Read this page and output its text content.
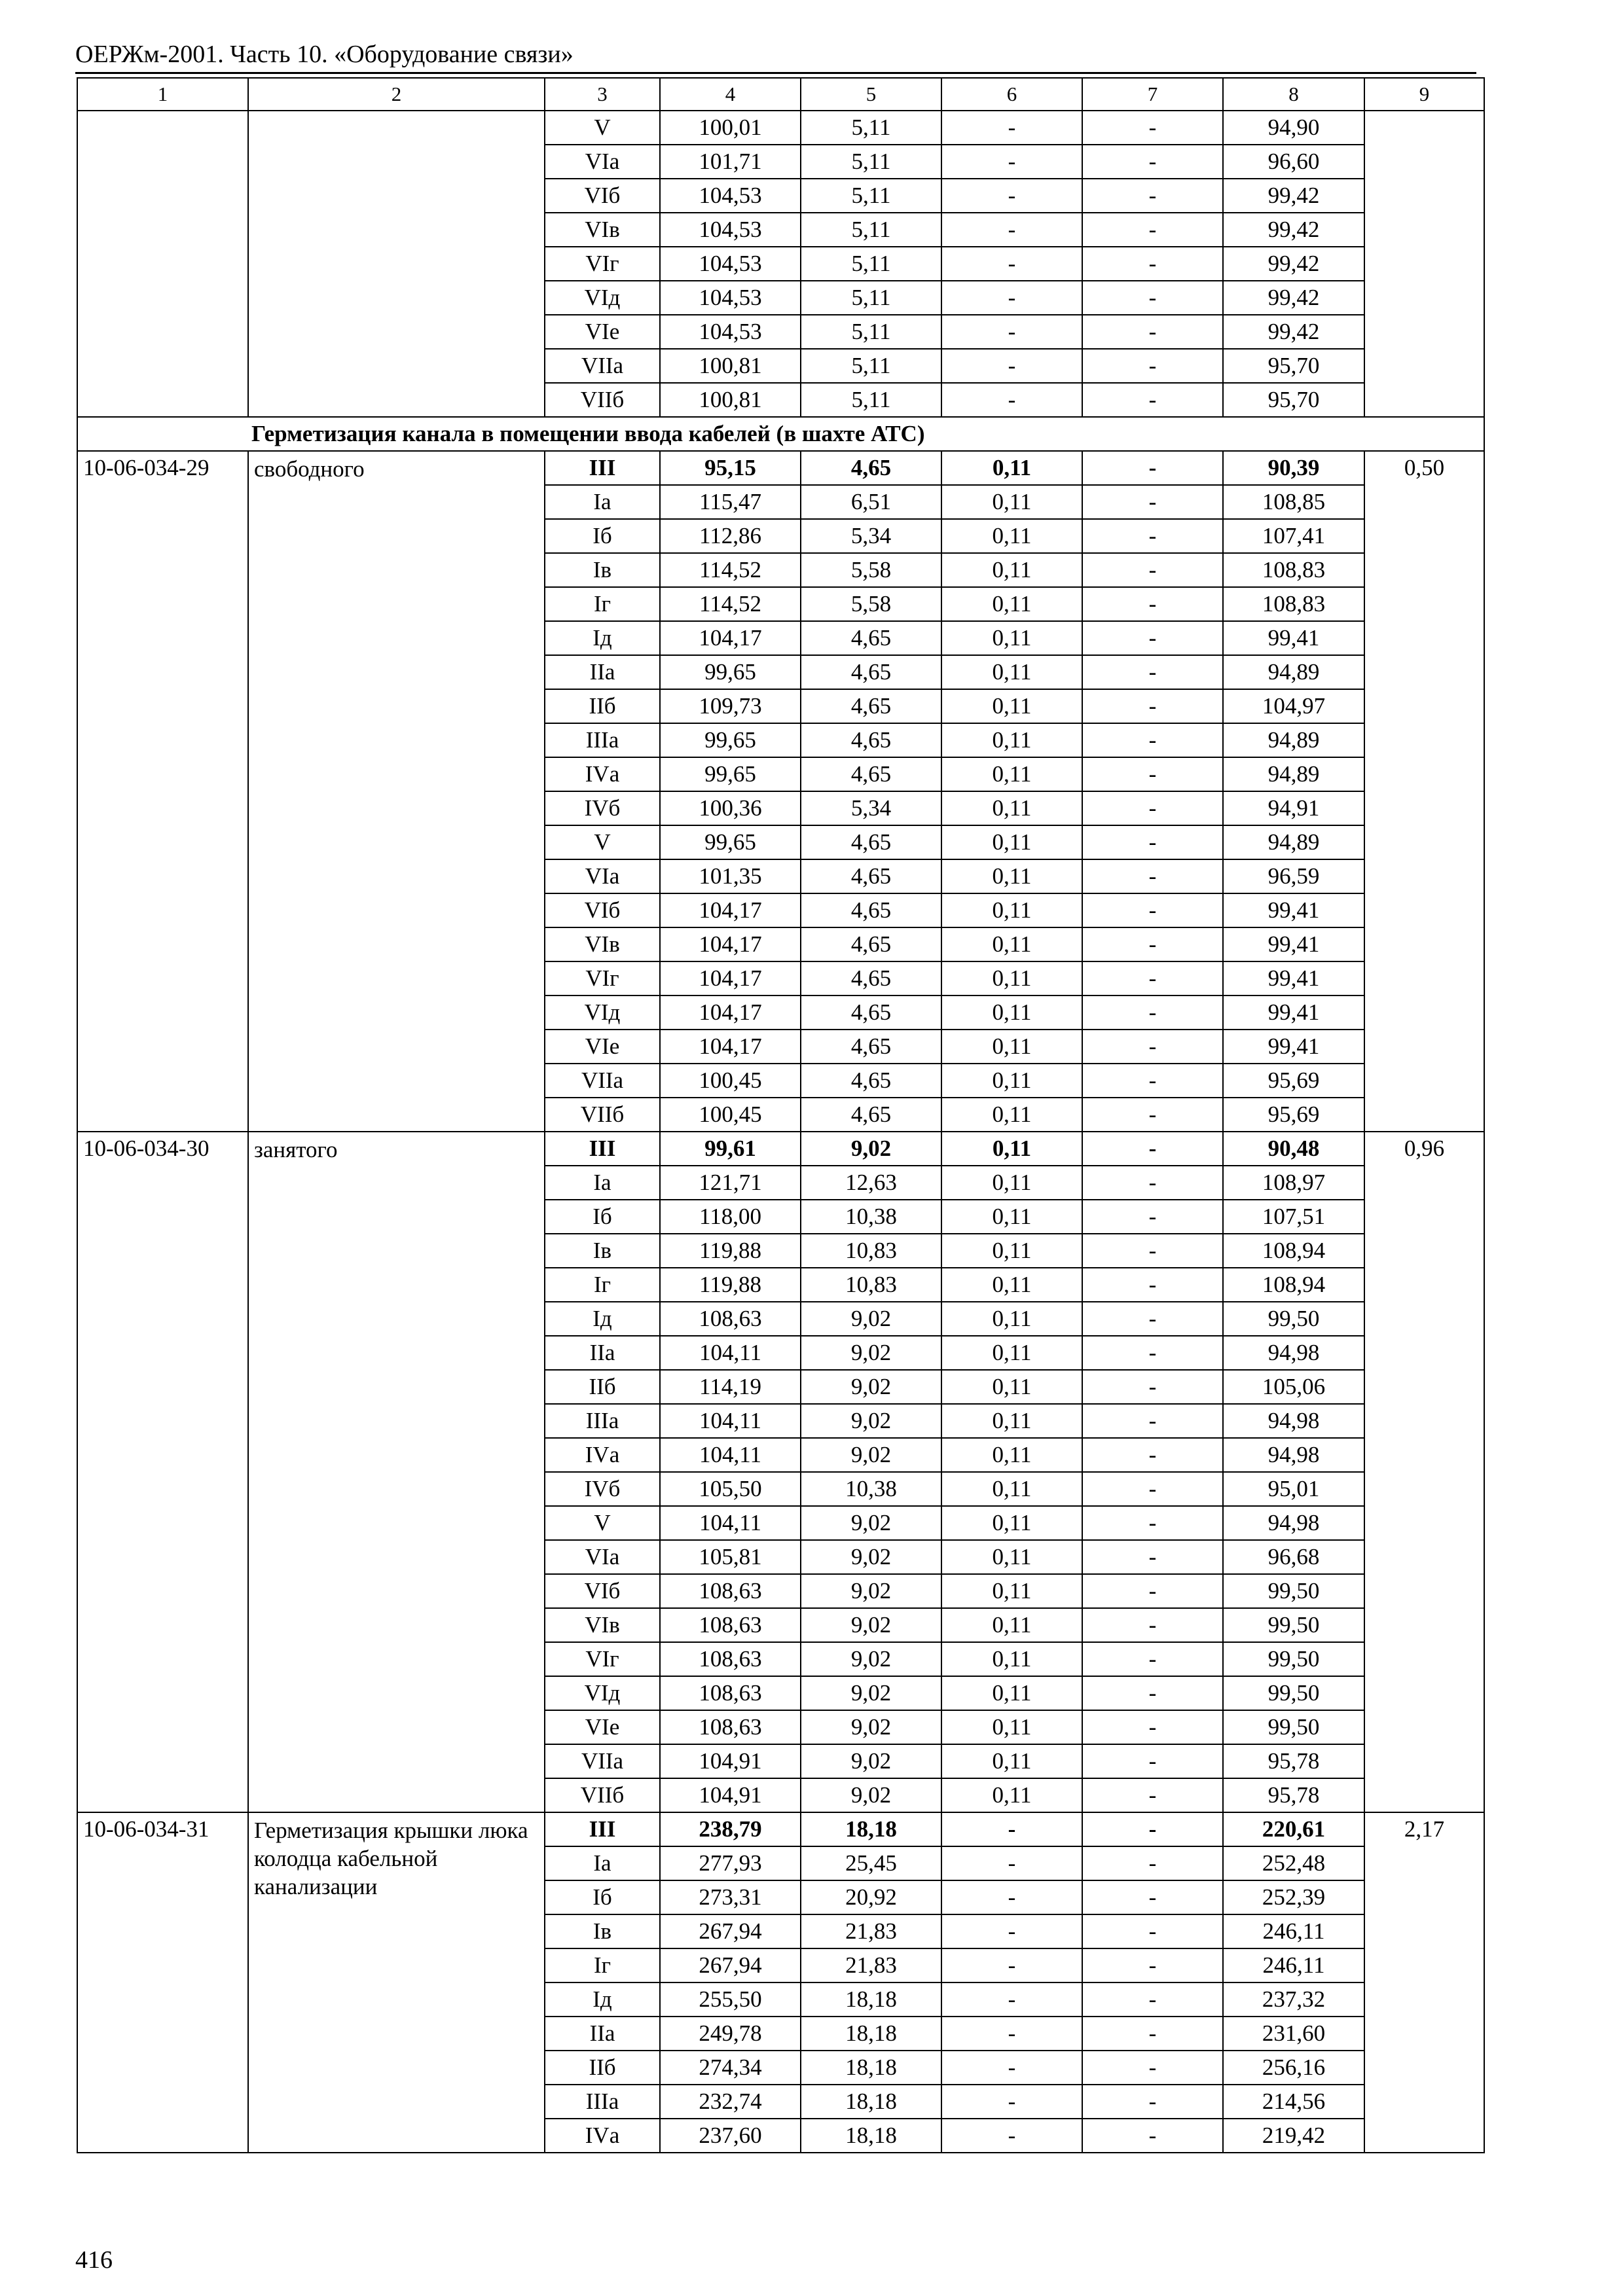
ОЕРЖм-2001. Часть 10. «Оборудование связи»
1	2	3	4	5	6	7	8	9
		V	100,01	5,11	-	-	94,90	
		VIа	101,71	5,11	-	-	96,60	
		VIб	104,53	5,11	-	-	99,42	
		VIв	104,53	5,11	-	-	99,42	
		VIг	104,53	5,11	-	-	99,42	
		VIд	104,53	5,11	-	-	99,42	
		VIе	104,53	5,11	-	-	99,42	
		VIIа	100,81	5,11	-	-	95,70	
		VIIб	100,81	5,11	-	-	95,70	
Герметизация канала в помещении ввода кабелей (в шахте АТС)								
10-06-034-29	свободного	III	95,15	4,65	0,11	-	90,39	0,50
		Iа	115,47	6,51	0,11	-	108,85	
		Iб	112,86	5,34	0,11	-	107,41	
		Iв	114,52	5,58	0,11	-	108,83	
		Iг	114,52	5,58	0,11	-	108,83	
		Iд	104,17	4,65	0,11	-	99,41	
		IIа	99,65	4,65	0,11	-	94,89	
		IIб	109,73	4,65	0,11	-	104,97	
		IIIа	99,65	4,65	0,11	-	94,89	
		IVа	99,65	4,65	0,11	-	94,89	
		IVб	100,36	5,34	0,11	-	94,91	
		V	99,65	4,65	0,11	-	94,89	
		VIа	101,35	4,65	0,11	-	96,59	
		VIб	104,17	4,65	0,11	-	99,41	
		VIв	104,17	4,65	0,11	-	99,41	
		VIг	104,17	4,65	0,11	-	99,41	
		VIд	104,17	4,65	0,11	-	99,41	
		VIе	104,17	4,65	0,11	-	99,41	
		VIIа	100,45	4,65	0,11	-	95,69	
		VIIб	100,45	4,65	0,11	-	95,69	
10-06-034-30	занятого	III	99,61	9,02	0,11	-	90,48	0,96
		Iа	121,71	12,63	0,11	-	108,97	
		Iб	118,00	10,38	0,11	-	107,51	
		Iв	119,88	10,83	0,11	-	108,94	
		Iг	119,88	10,83	0,11	-	108,94	
		Iд	108,63	9,02	0,11	-	99,50	
		IIа	104,11	9,02	0,11	-	94,98	
		IIб	114,19	9,02	0,11	-	105,06	
		IIIа	104,11	9,02	0,11	-	94,98	
		IVа	104,11	9,02	0,11	-	94,98	
		IVб	105,50	10,38	0,11	-	95,01	
		V	104,11	9,02	0,11	-	94,98	
		VIа	105,81	9,02	0,11	-	96,68	
		VIб	108,63	9,02	0,11	-	99,50	
		VIв	108,63	9,02	0,11	-	99,50	
		VIг	108,63	9,02	0,11	-	99,50	
		VIд	108,63	9,02	0,11	-	99,50	
		VIе	108,63	9,02	0,11	-	99,50	
		VIIа	104,91	9,02	0,11	-	95,78	
		VIIб	104,91	9,02	0,11	-	95,78	
10-06-034-31	Герметизация крышки люка колодца кабельной канализации	III	238,79	18,18	-	-	220,61	2,17
		Iа	277,93	25,45	-	-	252,48	
		Iб	273,31	20,92	-	-	252,39	
		Iв	267,94	21,83	-	-	246,11	
		Iг	267,94	21,83	-	-	246,11	
		Iд	255,50	18,18	-	-	237,32	
		IIа	249,78	18,18	-	-	231,60	
		IIб	274,34	18,18	-	-	256,16	
		IIIа	232,74	18,18	-	-	214,56	
		IVа	237,60	18,18	-	-	219,42	
416
